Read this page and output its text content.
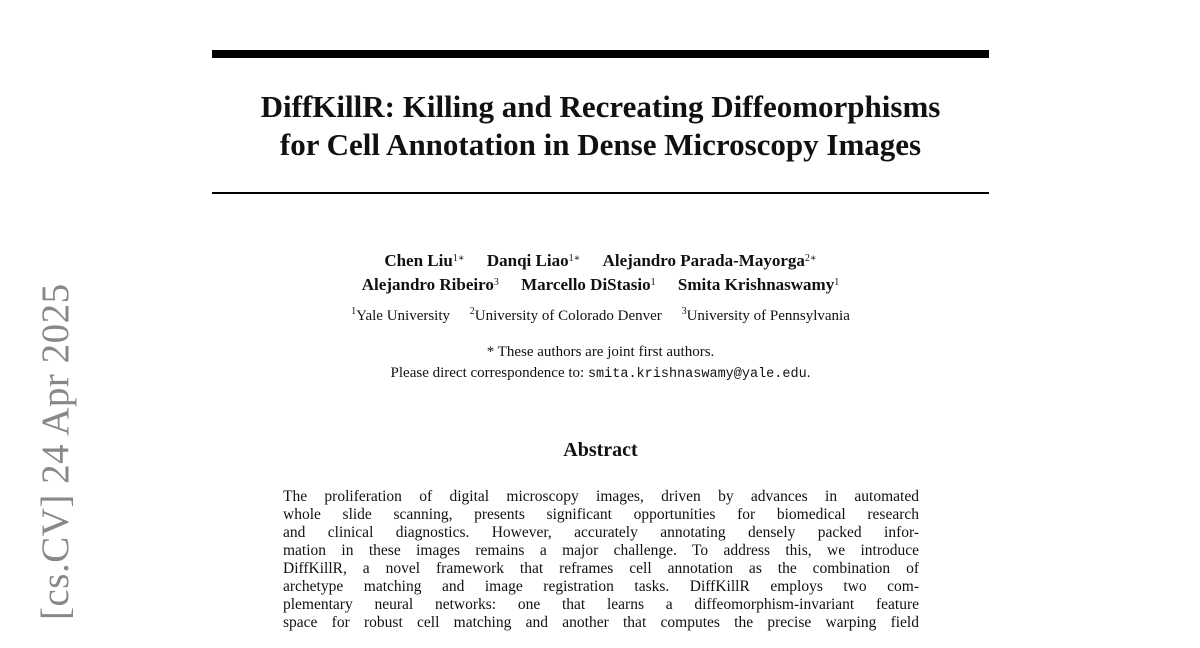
DiffKillR: Killing and Recreating Diffeomorphisms
for Cell Annotation in Dense Microscopy Images
Chen Liu$^{1∗}$ Danqi Liao$^{1∗}$ Alejandro Parada-Mayorga$^{2∗}$
Alejandro Ribeiro$^3$ Marcello DiStasio$^1$ Smita Krishnaswamy$^1$
$^1$Yale University $^2$University of Colorado Denver $^3$University of Pennsylvania
* These authors are joint first authors.
Please direct correspondence to: smita.krishnaswamy@yale.edu.
Abstract
The proliferation of digital microscopy images, driven by advances in automated
whole slide scanning, presents significant opportunities for biomedical research
and clinical diagnostics. However, accurately annotating densely packed infor-
mation in these images remains a major challenge. To address this, we introduce
DiffKillR, a novel framework that reframes cell annotation as the combination of
archetype matching and image registration tasks. DiffKillR employs two com-
plementary neural networks: one that learns a diffeomorphism-invariant feature
space for robust cell matching and another that computes the precise warping field
[cs.CV] 24 Apr 2025
